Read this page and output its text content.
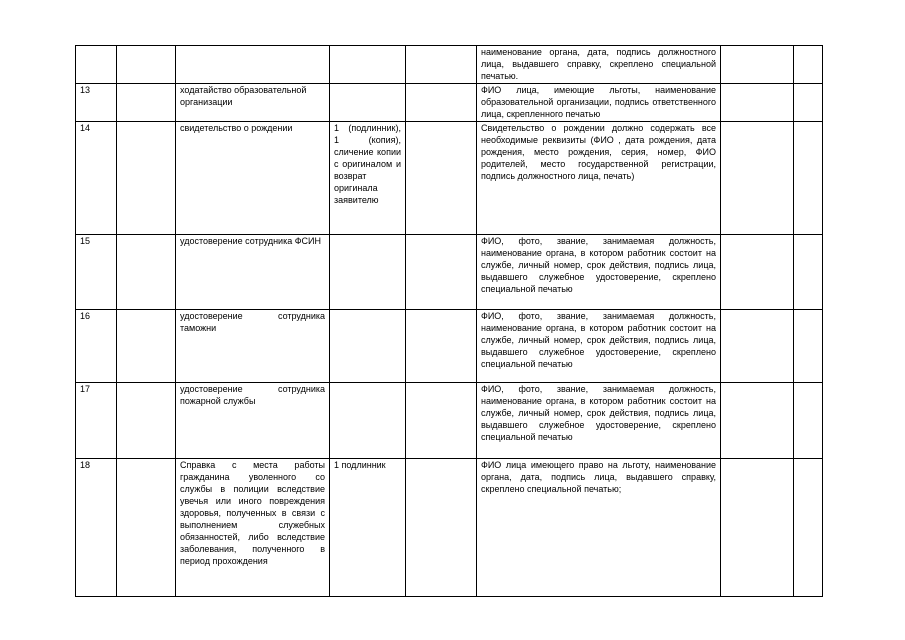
					наименование органа, дата, подпись должностного лица, выдавшего справку, скреплено специальной печатью.		
13		ходатайство образовательной организации			ФИО лица, имеющие льготы, наименование образовательной организации, подпись ответственного лица, скрепленного печатью		
14		свидетельство о рождении	1 (подлинник), 1 (копия), сличение копии с оригиналом и возврат оригинала заявителю		Свидетельство о рождении должно содержать все необходимые реквизиты (ФИО , дата рождения, дата рождения, место рождения, серия, номер, ФИО родителей, место государственной регистрации, подпись должностного лица, печать)		
15		удостоверение сотрудника ФСИН			ФИО, фото, звание, занимаемая должность, наименование органа, в котором работник состоит на службе, личный номер, срок действия, подпись лица, выдавшего служебное удостоверение, скреплено специальной печатью		
16		удостоверение сотрудника таможни			ФИО, фото, звание, занимаемая должность, наименование органа, в котором работник состоит на службе, личный номер, срок действия, подпись лица, выдавшего служебное удостоверение, скреплено специальной печатью		
17		удостоверение сотрудника пожарной службы			ФИО, фото, звание, занимаемая должность, наименование органа, в котором работник состоит на службе, личный номер, срок действия, подпись лица, выдавшего служебное удостоверение, скреплено специальной печатью		
18		Справка с места работы гражданина уволенного со службы в полиции вследствие увечья или иного повреждения здоровья, полученных в связи с выполнением служебных обязанностей, либо вследствие заболевания, полученного в период прохождения	1 подлинник		ФИО лица имеющего право на льготу, наименование органа, дата, подпись лица, выдавшего справку, скреплено специальной печатью;		
